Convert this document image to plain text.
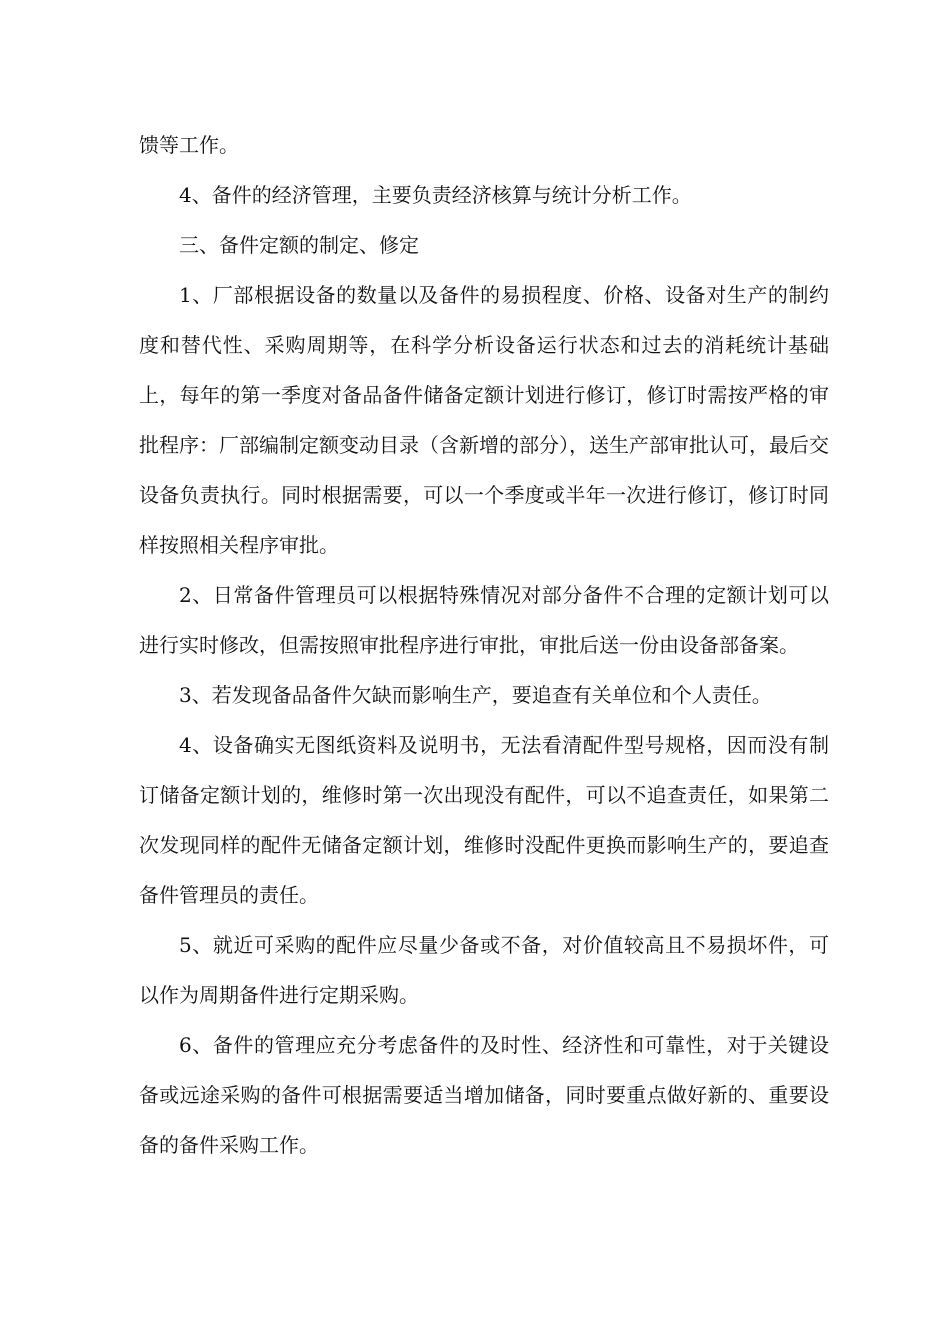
馈等工作。

4、备件的经济管理，主要负责经济核算与统计分析工作。

三、备件定额的制定、修定

1、厂部根据设备的数量以及备件的易损程度、价格、设备对生产的制约度和替代性、采购周期等，在科学分析设备运行状态和过去的消耗统计基础上，每年的第一季度对备品备件储备定额计划进行修订，修订时需按严格的审批程序：厂部编制定额变动目录（含新增的部分），送生产部审批认可，最后交设备负责执行。同时根据需要，可以一个季度或半年一次进行修订，修订时同样按照相关程序审批。

2、日常备件管理员可以根据特殊情况对部分备件不合理的定额计划可以进行实时修改，但需按照审批程序进行审批，审批后送一份由设备部备案。

3、若发现备品备件欠缺而影响生产，要追查有关单位和个人责任。

4、设备确实无图纸资料及说明书，无法看清配件型号规格，因而没有制订储备定额计划的，维修时第一次出现没有配件，可以不追查责任，如果第二次发现同样的配件无储备定额计划，维修时没配件更换而影响生产的，要追查备件管理员的责任。

5、就近可采购的配件应尽量少备或不备，对价值较高且不易损坏件，可以作为周期备件进行定期采购。

6、备件的管理应充分考虑备件的及时性、经济性和可靠性，对于关键设备或远途采购的备件可根据需要适当增加储备，同时要重点做好新的、重要设备的备件采购工作。
